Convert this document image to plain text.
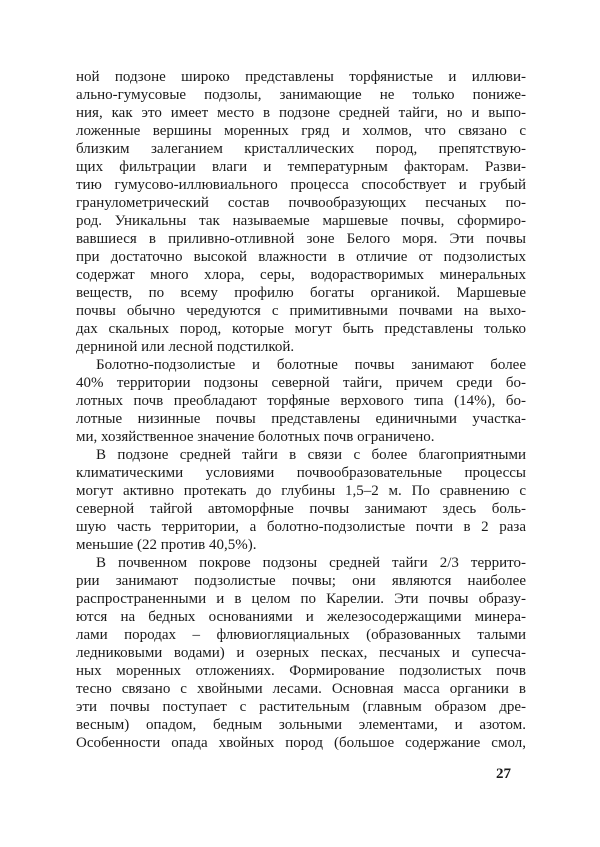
ной подзоне широко представлены торфянистые и иллюви-
ально-гумусовые подзолы, занимающие не только пониже-
ния, как это имеет место в подзоне средней тайги, но и выпо-
ложенные вершины моренных гряд и холмов, что связано с
близким залеганием кристаллических пород, препятствую-
щих фильтрации влаги и температурным факторам. Разви-
тию гумусово-иллювиального процесса способствует и грубый
гранулометрический состав почвообразующих песчаных по-
род. Уникальны так называемые маршевые почвы, сформиро-
вавшиеся в приливно-отливной зоне Белого моря. Эти почвы
при достаточно высокой влажности в отличие от подзолистых
содержат много хлора, серы, водорастворимых минеральных
веществ, по всему профилю богаты органикой. Маршевые
почвы обычно чередуются с примитивными почвами на выхо-
дах скальных пород, которые могут быть представлены только
дерниной или лесной подстилкой.
Болотно-подзолистые и болотные почвы занимают более
40% территории подзоны северной тайги, причем среди бо-
лотных почв преобладают торфяные верхового типа (14%), бо-
лотные низинные почвы представлены единичными участка-
ми, хозяйственное значение болотных почв ограничено.
В подзоне средней тайги в связи с более благоприятными
климатическими условиями почвообразовательные процессы
могут активно протекать до глубины 1,5–2 м. По сравнению с
северной тайгой автоморфные почвы занимают здесь боль-
шую часть территории, а болотно-подзолистые почти в 2 раза
меньшие (22 против 40,5%).
В почвенном покрове подзоны средней тайги 2/3 террито-
рии занимают подзолистые почвы; они являются наиболее
распространенными и в целом по Карелии. Эти почвы образу-
ются на бедных основаниями и железосодержащими минера-
лами породах – флювиогляциальных (образованных талыми
ледниковыми водами) и озерных песках, песчаных и супесча-
ных моренных отложениях. Формирование подзолистых почв
тесно связано с хвойными лесами. Основная масса органики в
эти почвы поступает с растительным (главным образом дре-
весным) опадом, бедным зольными элементами, и азотом.
Особенности опада хвойных пород (большое содержание смол,
27
